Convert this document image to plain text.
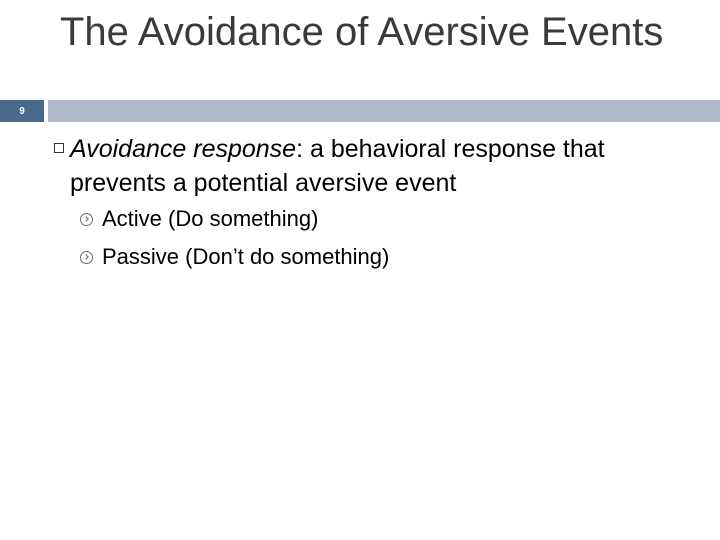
9
The Avoidance of Aversive Events
Avoidance response: a behavioral response that prevents a potential aversive event
Active (Do something)
Passive (Don’t do something)
